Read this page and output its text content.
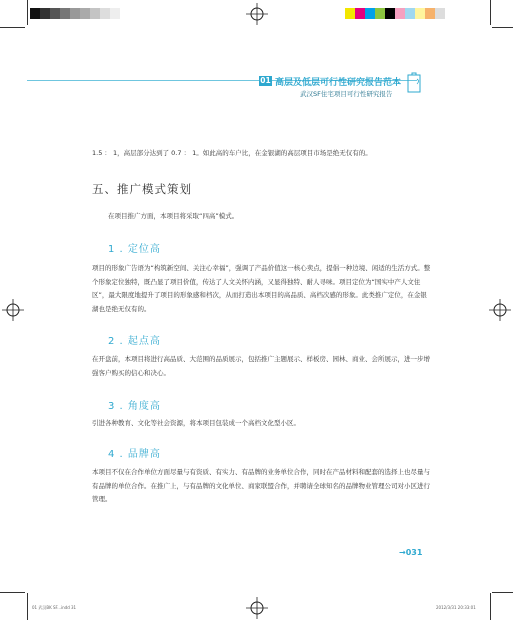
01 高层及低层可行性研究报告范本
武汉SF住宅项目可行性研究报告
1.5 ： 1，高层部分达到了 0.7 ： 1。如此高的车户比，在金银湖的高层项目市场是绝无仅有的。
五、推广模式策划
在项目推广方面，本项目将采取“四高”模式。
1 . 定位高
项目的形象广告语为“构筑新空间、关注心幸福”，强调了产品价值这一核心卖点，提倡一种边境、闲适的生活方式。整个形象定位独特，既凸显了项目价值，传达了人文关怀内涵，又显得独特、耐人寻味。项目定位为“国实中产人文住区”，最大限度地提升了项目的形象感和档次，从而打造出本项目的高品质、高档次感的形象。此类推广定位，在金银湖也是绝无仅有的。
2 . 起点高
在开盘前，本项目将进行高品质、大范围的品质展示，包括推广主题展示、样板房、园林、商业、会所展示，进一步增强客户购买的信心和决心。
3 . 角度高
引进各种教育、文化等社会资源，将本项目包装成一个高档文化型小区。
4 . 品牌高
本项目不仅在合作单位方面尽量与有资质、有实力、有品牌的业务单位合作，同时在产品材料和配套的选择上也尽量与有品牌的单位合作。在推广上，与有品牌的文化单位、商家联盟合作，并聘请全球知名的品牌物业管理公司对小区进行管理。
→031
01 武汉BK SF...indd 31	2012/3/31 20:33:01
